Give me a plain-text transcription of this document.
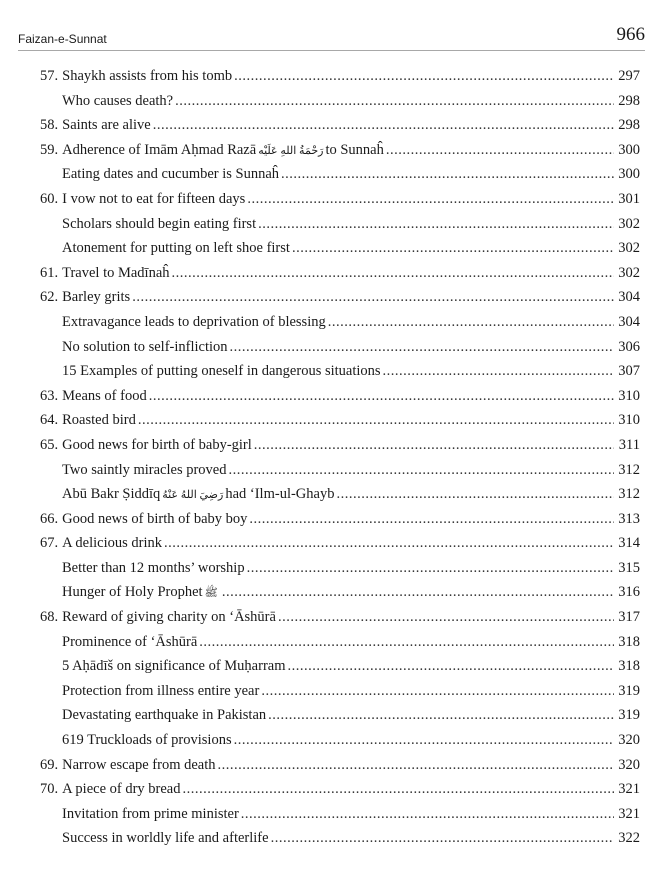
Faizan-e-Sunnat	966
57. Shaykh assists from his tomb .....	297
Who causes death? .....	298
58. Saints are alive .....	298
59. Adherence of Imām Aḥmad Razā رَحْمَةُ اللهِ عَلَيْه to Sunnaĥ .....	300
Eating dates and cucumber is Sunnaĥ .....	300
60. I vow not to eat for fifteen days .....	301
Scholars should begin eating first .....	302
Atonement for putting on left shoe first .....	302
61. Travel to Madīnaĥ .....	302
62. Barley grits .....	304
Extravagance leads to deprivation of blessing .....	304
No solution to self-infliction .....	306
15 Examples of putting oneself in dangerous situations .....	307
63. Means of food .....	310
64. Roasted bird .....	310
65. Good news for birth of baby-girl .....	311
Two saintly miracles proved .....	312
Abū Bakr Ṣiddīq رَضِيَ اللهُ عَنْهُ had ‘Ilm-ul-Ghayb .....	312
66. Good news of birth of baby boy .....	313
67. A delicious drink .....	314
Better than 12 months’ worship .....	315
Hunger of Holy Prophet ﷺ .....	316
68. Reward of giving charity on ‘Āshūrā .....	317
Prominence of ‘Āshūrā .....	318
5 Aḥādīš on significance of Muḥarram .....	318
Protection from illness entire year .....	319
Devastating earthquake in Pakistan .....	319
619 Truckloads of provisions .....	320
69. Narrow escape from death .....	320
70. A piece of dry bread .....	321
Invitation from prime minister .....	321
Success in worldly life and afterlife .....	322
